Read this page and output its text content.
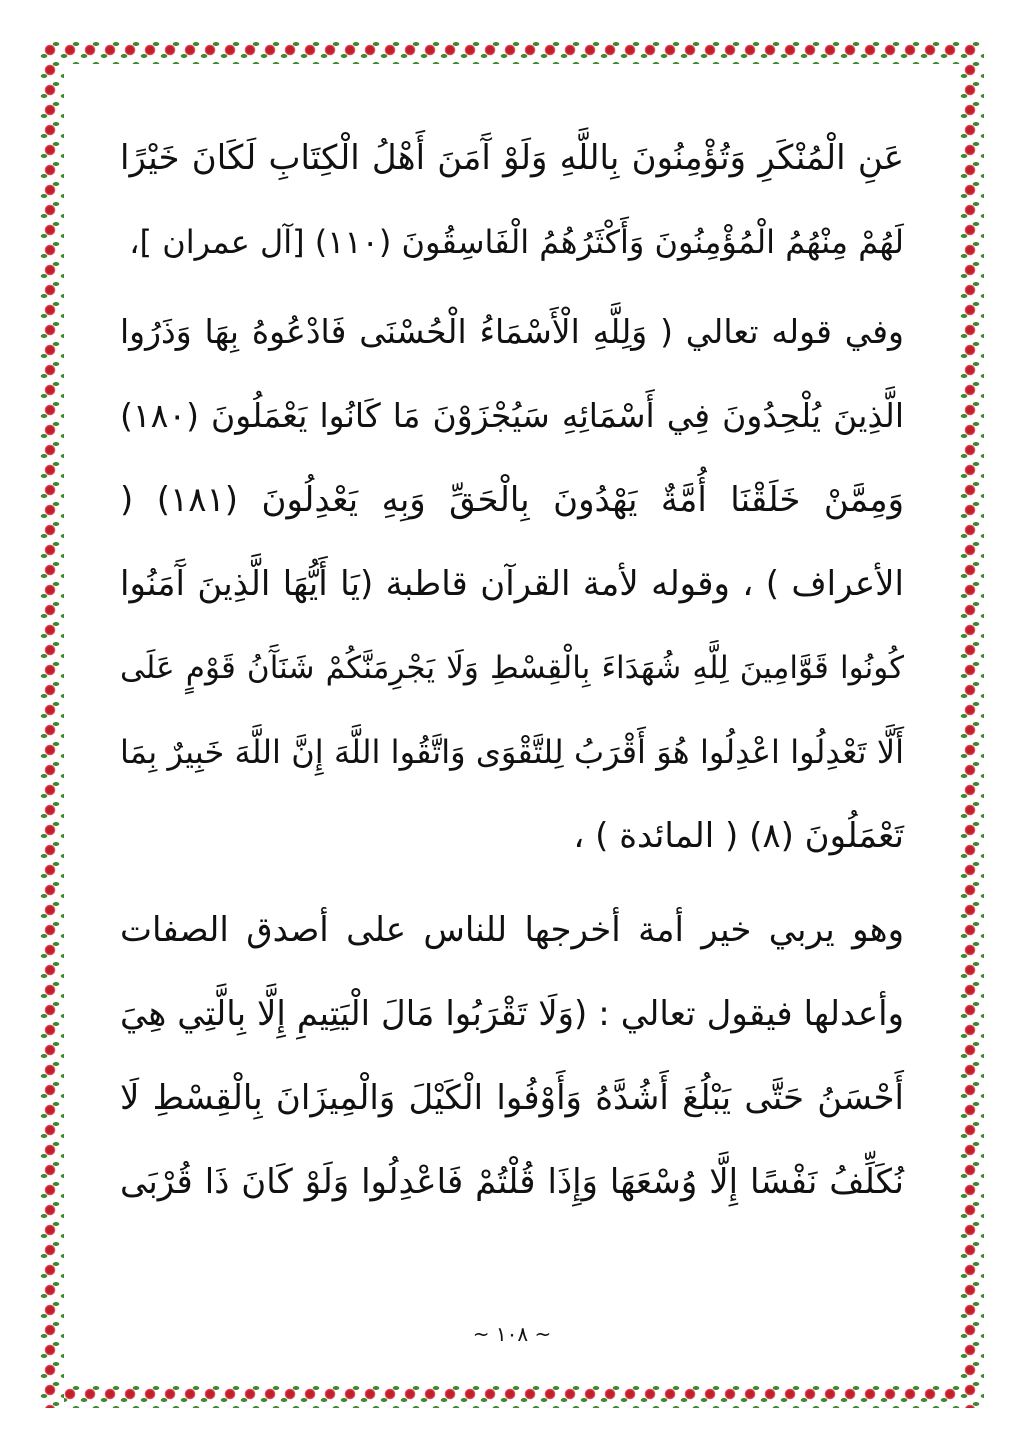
عَنِ الْمُنْكَرِ وَتُؤْمِنُونَ بِاللَّهِ وَلَوْ آَمَنَ أَهْلُ الْكِتَابِ لَكَانَ خَيْرًا
لَهُمْ مِنْهُمُ الْمُؤْمِنُونَ وَأَكْثَرُهُمُ الْفَاسِقُونَ (١١٠) [آل عمران ]،

وفي قوله تعالي ( وَلِلَّهِ الْأَسْمَاءُ الْحُسْنَى فَادْعُوهُ بِهَا وَذَرُوا
الَّذِينَ يُلْحِدُونَ فِي أَسْمَائِهِ سَيُجْزَوْنَ مَا كَانُوا يَعْمَلُونَ (١٨٠)
وَمِمَّنْ خَلَقْنَا أُمَّةٌ يَهْدُونَ بِالْحَقِّ وَبِهِ يَعْدِلُونَ (١٨١) (
الأعراف ) ، وقوله لأمة القرآن قاطبة (يَا أَيُّهَا الَّذِينَ آَمَنُوا
كُونُوا قَوَّامِينَ لِلَّهِ شُهَدَاءَ بِالْقِسْطِ وَلَا يَجْرِمَنَّكُمْ شَنَآَنُ قَوْمٍ عَلَى
أَلَّا تَعْدِلُوا اعْدِلُوا هُوَ أَقْرَبُ لِلتَّقْوَى وَاتَّقُوا اللَّهَ إِنَّ اللَّهَ خَبِيرٌ بِمَا
تَعْمَلُونَ (٨) ( المائدة ) ،

وهو يربي خير أمة أخرجها للناس على أصدق الصفات
وأعدلها فيقول تعالي : (وَلَا تَقْرَبُوا مَالَ الْيَتِيمِ إِلَّا بِالَّتِي هِيَ
أَحْسَنُ حَتَّى يَبْلُغَ أَشُدَّهُ وَأَوْفُوا الْكَيْلَ وَالْمِيزَانَ بِالْقِسْطِ لَا
نُكَلِّفُ نَفْسًا إِلَّا وُسْعَهَا وَإِذَا قُلْتُمْ فَاعْدِلُوا وَلَوْ كَانَ ذَا قُرْبَى

~ ١٠٨ ~
